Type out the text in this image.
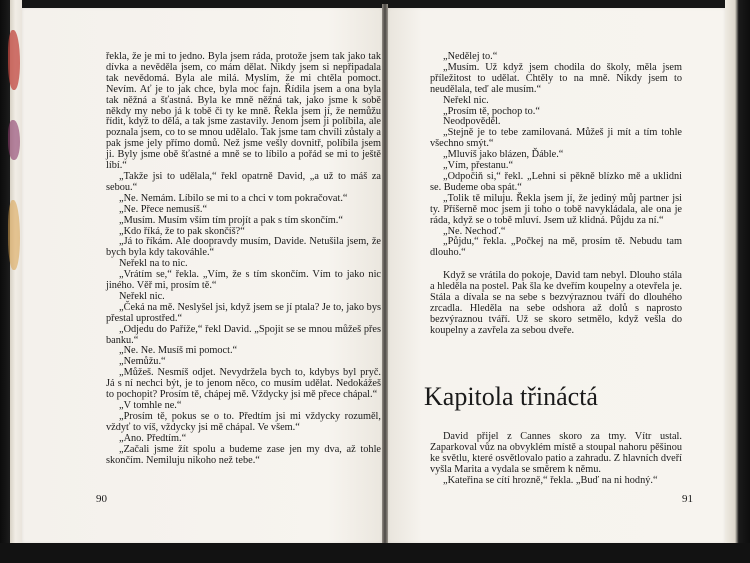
řekla, že je mi to jedno. Byla jsem ráda, protože jsem tak jako tak dívka a nevěděla jsem, co mám dělat. Nikdy jsem si nepřipadala tak nevědomá. Byla ale milá. Myslím, že mi chtěla pomoct. Nevím. Ať je to jak chce, byla moc fajn. Řídila jsem a ona byla tak něžná a šťastná. Byla ke mně něžná tak, jako jsme k sobě někdy my nebo já k tobě či ty ke mně. Řekla jsem jí, že nemůžu řídit, když to dělá, a tak jsme zastavily. Jenom jsem ji políbila, ale poznala jsem, co to se mnou udělalo. Tak jsme tam chvíli zůstaly a pak jsme jely přímo domů. Než jsme vešly dovnitř, políbila jsem ji. Byly jsme obě šťastné a mně se to líbilo a pořád se mi to ještě líbí.“

„Takže jsi to udělala,“ řekl opatrně David, „a už to máš za sebou.“

„Ne. Nemám. Líbilo se mi to a chci v tom pokračovat.“

„Ne. Přece nemusíš.“

„Musím. Musím vším tím projít a pak s tím skončím.“

„Kdo říká, že to pak skončíš?“

„Já to říkám. Ale doopravdy musím, Davide. Netušila jsem, že bych byla kdy takováhle.“

Neřekl na to nic.

„Vrátím se,“ řekla. „Vím, že s tím skončím. Vím to jako nic jiného. Věř mi, prosím tě.“

Neřekl nic.

„Čeká na mě. Neslyšel jsi, když jsem se jí ptala? Je to, jako bys přestal uprostřed.“

„Odjedu do Paříže,“ řekl David. „Spojit se se mnou můžeš přes banku.“

„Ne. Ne. Musíš mi pomoct.“

„Nemůžu.“

„Můžeš. Nesmíš odjet. Nevydržela bych to, kdybys byl pryč. Já s ní nechci být, je to jenom něco, co musím udělat. Nedokážeš to pochopit? Prosím tě, chápej mě. Vždycky jsi mě přece chápal.“

„V tomhle ne.“

„Prosím tě, pokus se o to. Předtím jsi mi vždycky rozuměl, vždyť to víš, vždycky jsi mě chápal. Ve všem.“

„Ano. Předtím.“

„Začali jsme žít spolu a budeme zase jen my dva, až tohle skončím. Nemiluju nikoho než tebe.“

90

„Nedělej to.“

„Musím. Už když jsem chodila do školy, měla jsem příležitost to udělat. Chtěly to na mně. Nikdy jsem to neudělala, teď ale musím.“

Neřekl nic.

„Prosím tě, pochop to.“

Neodpověděl.

„Stejně je to tebe zamilovaná. Můžeš ji mít a tím tohle všechno smýt.“

„Mluvíš jako blázen, Ďáble.“

„Vím, přestanu.“

„Odpočiň si,“ řekl. „Lehni si pěkně blízko mě a uklidni se. Budeme oba spát.“

„Tolik tě miluju. Řekla jsem jí, že jediný můj partner jsi ty. Příšerně moc jsem ji toho o tobě navykládala, ale ona je ráda, když se o tobě mluví. Jsem už klidná. Půjdu za ní.“

„Ne. Nechoď.“

„Půjdu,“ řekla. „Počkej na mě, prosím tě. Nebudu tam dlouho.“

Když se vrátila do pokoje, David tam nebyl. Dlouho stála a hleděla na postel. Pak šla ke dveřím koupelny a otevřela je. Stála a dívala se na sebe s bezvýraznou tváří do dlouhého zrcadla. Hleděla na sebe odshora až dolů s naprosto bezvýraznou tváří. Už se skoro setmělo, když vešla do koupelny a zavřela za sebou dveře.

Kapitola třináctá

David přijel z Cannes skoro za tmy. Vítr ustal. Zaparkoval vůz na obvyklém místě a stoupal nahoru pěšinou ke světlu, které osvětlovalo patio a zahradu. Z hlavních dveří vyšla Marita a vydala se směrem k němu.

„Kateřina se cítí hrozně,“ řekla. „Buď na ni hodný.“

91
